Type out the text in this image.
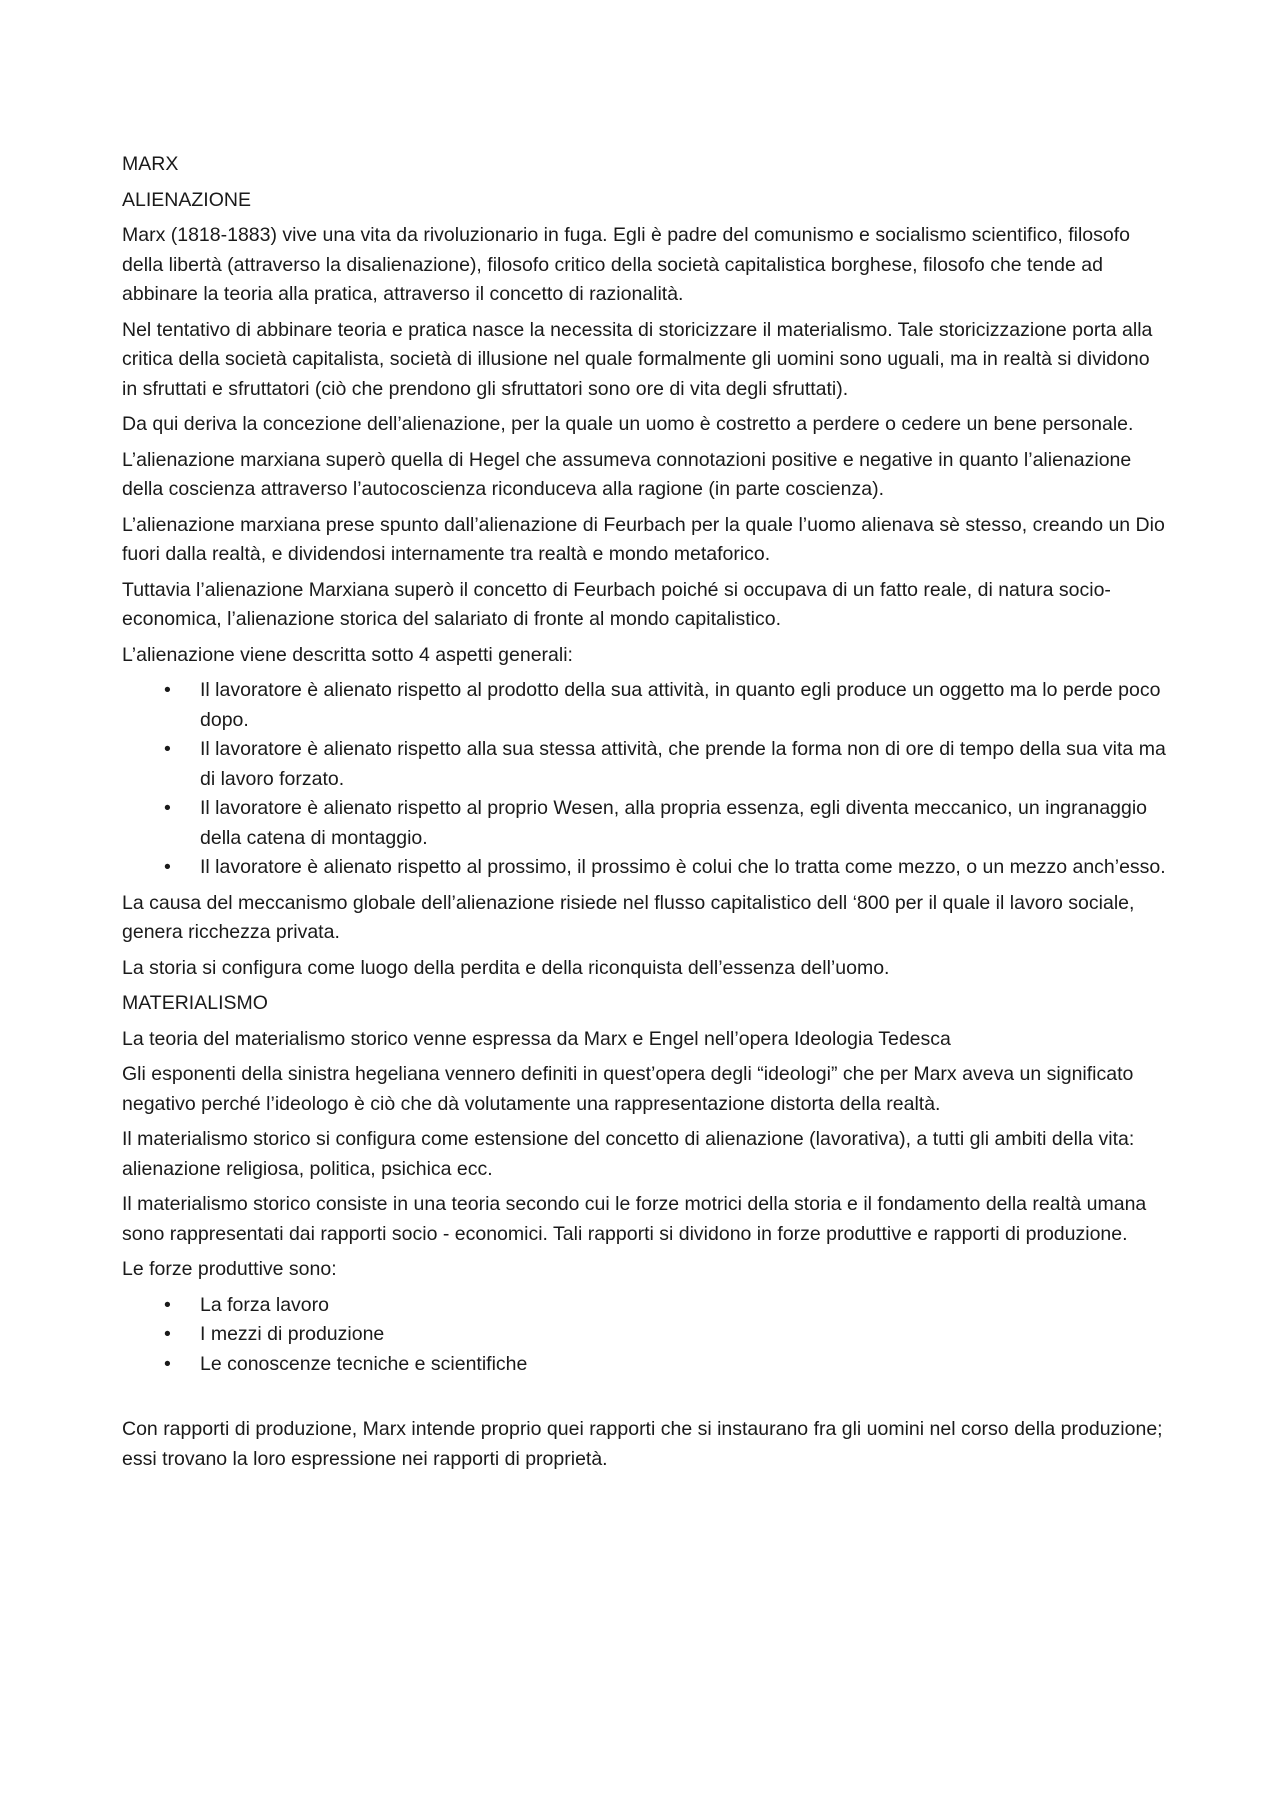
MARX
ALIENAZIONE

Marx (1818-1883) vive una vita da rivoluzionario in fuga. Egli è padre del comunismo e socialismo scientifico, filosofo della libertà (attraverso la disalienazione), filosofo critico della società capitalistica borghese, filosofo che tende ad abbinare la teoria alla pratica, attraverso il concetto di razionalità.

Nel tentativo di abbinare teoria e pratica nasce la necessita di storicizzare il materialismo. Tale storicizzazione porta alla critica della società capitalista, società di illusione nel quale formalmente gli uomini sono uguali, ma in realtà si dividono in sfruttati e sfruttatori (ciò che prendono gli sfruttatori sono ore di vita degli sfruttati).

Da qui deriva la concezione dell’alienazione, per la quale un uomo è costretto a perdere o cedere un bene personale.

L’alienazione marxiana superò quella di Hegel che assumeva connotazioni positive e negative in quanto l’alienazione della coscienza attraverso l’autocoscienza riconduceva alla ragione (in parte coscienza).

L’alienazione marxiana prese spunto dall’alienazione di Feurbach per la quale l’uomo alienava sè stesso, creando un Dio fuori dalla realtà, e dividendosi internamente tra realtà e mondo metaforico.

Tuttavia l’alienazione Marxiana superò il concetto di Feurbach poiché si occupava di un fatto reale, di natura socio-economica, l’alienazione storica del salariato di fronte al mondo capitalistico.

L’alienazione viene descritta sotto 4 aspetti generali:

• Il lavoratore è alienato rispetto al prodotto della sua attività, in quanto egli produce un oggetto ma lo perde poco dopo.
• Il lavoratore è alienato rispetto alla sua stessa attività, che prende la forma non di ore di tempo della sua vita ma di lavoro forzato.
• Il lavoratore è alienato rispetto al proprio Wesen, alla propria essenza, egli diventa meccanico, un ingranaggio della catena di montaggio.
• Il lavoratore è alienato rispetto al prossimo, il prossimo è colui che lo tratta come mezzo, o un mezzo anch’esso.

La causa del meccanismo globale dell’alienazione risiede nel flusso capitalistico dell ‘800 per il quale il lavoro sociale, genera ricchezza privata.

La storia si configura come luogo della perdita e della riconquista dell’essenza dell’uomo.

MATERIALISMO

La teoria del materialismo storico venne espressa da Marx e Engel nell’opera Ideologia Tedesca

Gli esponenti della sinistra hegeliana vennero definiti in quest’opera degli “ideologi” che per Marx aveva un significato negativo perché l’ideologo è ciò che dà volutamente una rappresentazione distorta della realtà.

Il materialismo storico si configura come estensione del concetto di alienazione (lavorativa), a tutti gli ambiti della vita: alienazione religiosa, politica, psichica ecc.

Il materialismo storico consiste in una teoria secondo cui le forze motrici della storia e il fondamento della realtà umana sono rappresentati dai rapporti socio - economici. Tali rapporti si dividono in forze produttive e rapporti di produzione.

Le forze produttive sono:

• La forza lavoro
• I mezzi di produzione
• Le conoscenze tecniche e scientifiche

Con rapporti di produzione, Marx intende proprio quei rapporti che si instaurano fra gli uomini nel corso della produzione; essi trovano la loro espressione nei rapporti di proprietà.
